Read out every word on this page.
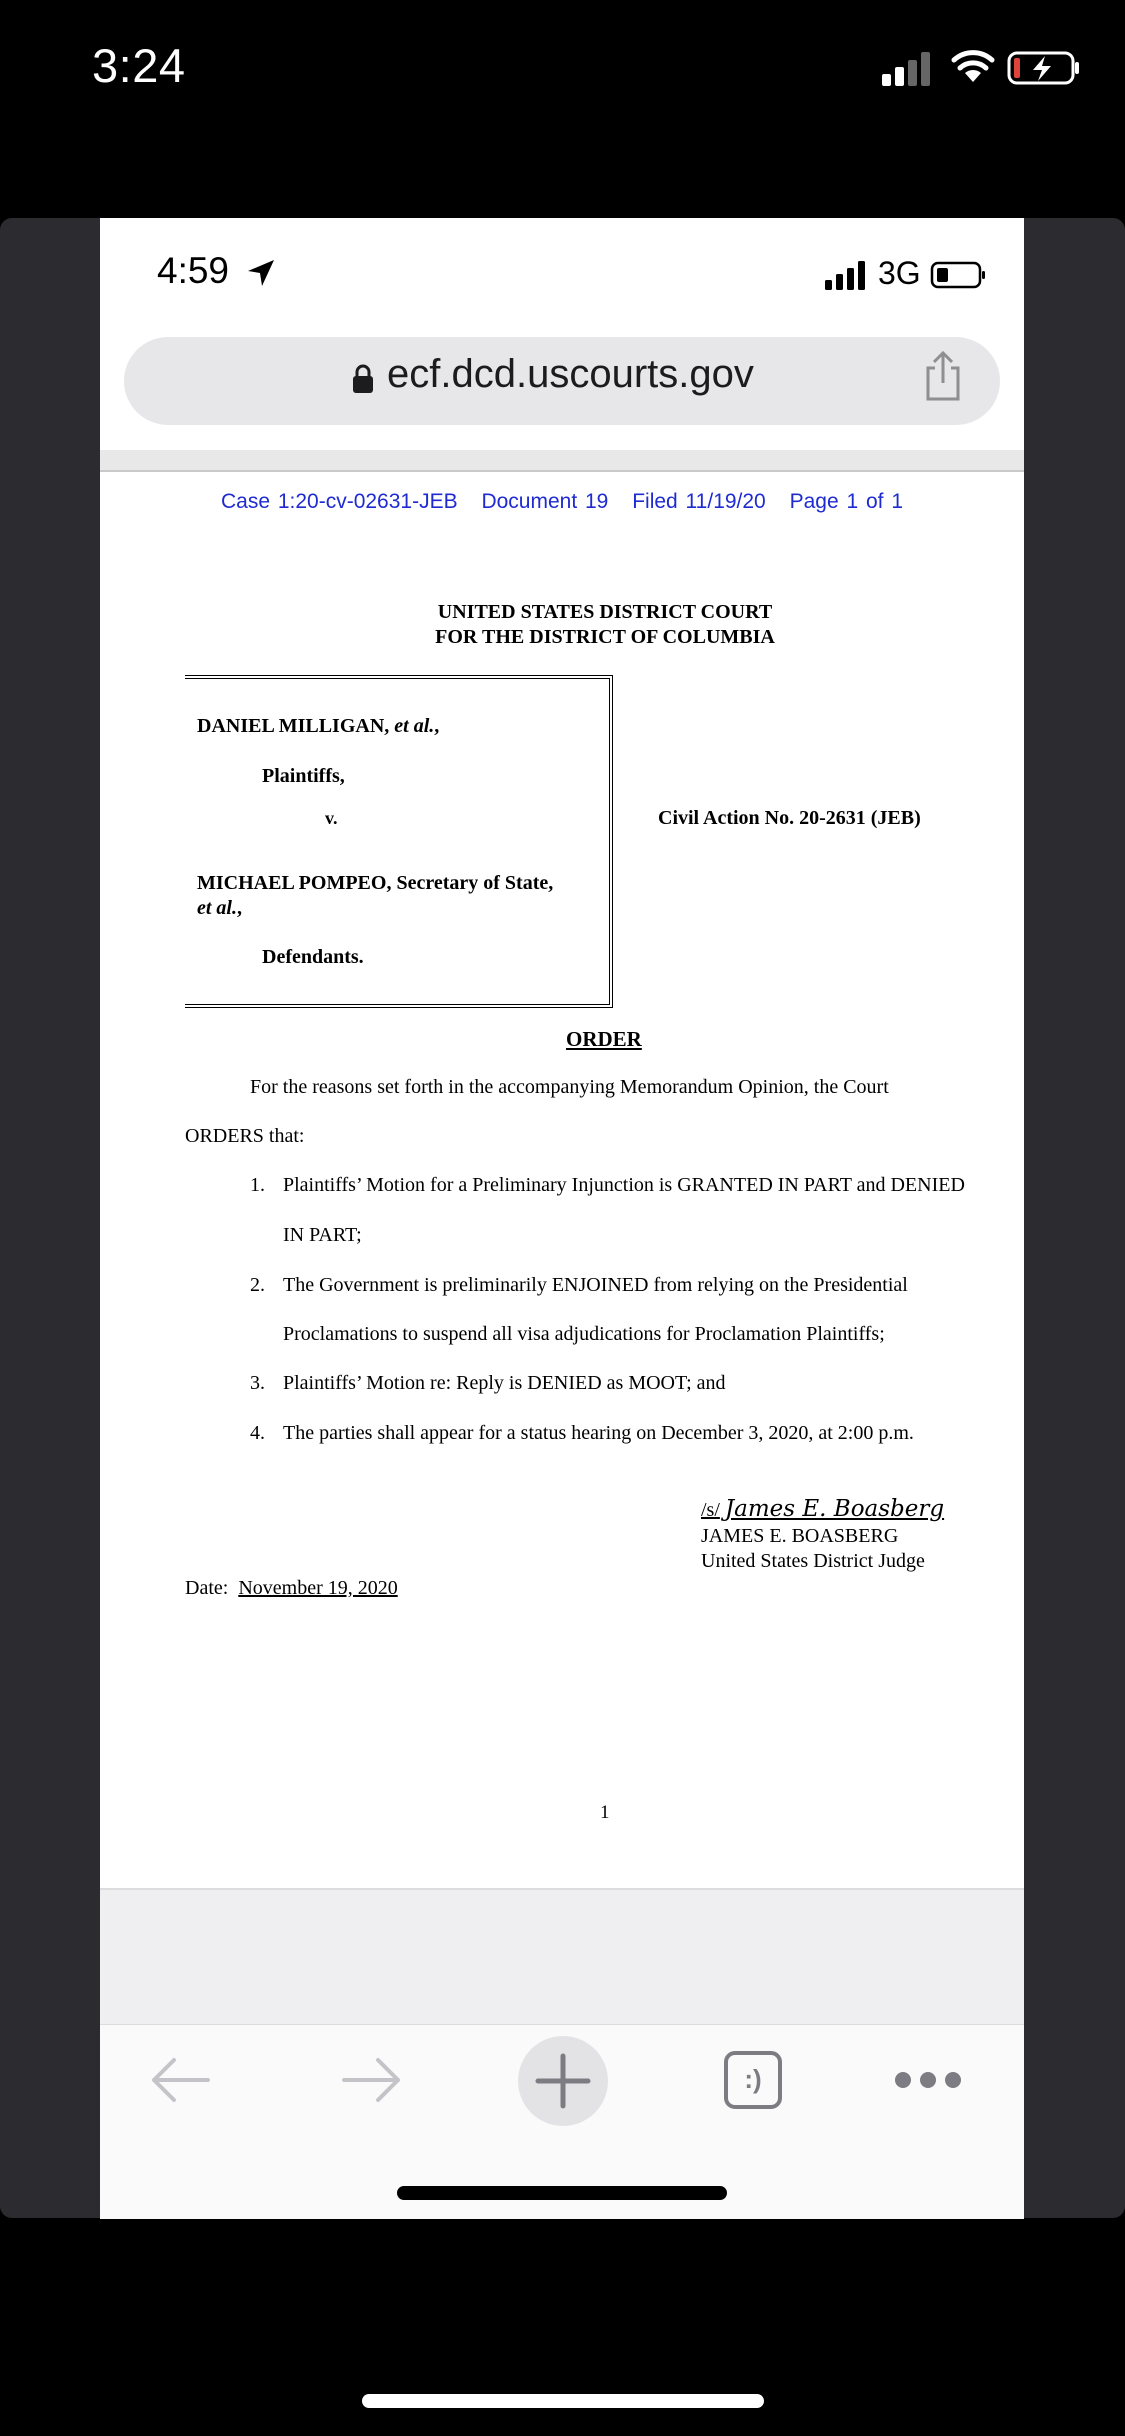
3:24
4:59	3G
ecf.dcd.uscourts.gov
Case 1:20-cv-02631-JEB Document 19 Filed 11/19/20 Page 1 of 1
UNITED STATES DISTRICT COURT
FOR THE DISTRICT OF COLUMBIA
DANIEL MILLIGAN, et al.,
Plaintiffs,
v.	Civil Action No. 20-2631 (JEB)
MICHAEL POMPEO, Secretary of State,
et al.,
Defendants.
ORDER
For the reasons set forth in the accompanying Memorandum Opinion, the Court
ORDERS that:
1. Plaintiffs’ Motion for a Preliminary Injunction is GRANTED IN PART and DENIED
IN PART;
2. The Government is preliminarily ENJOINED from relying on the Presidential
Proclamations to suspend all visa adjudications for Proclamation Plaintiffs;
3. Plaintiffs’ Motion re: Reply is DENIED as MOOT; and
4. The parties shall appear for a status hearing on December 3, 2020, at 2:00 p.m.
/s/ James E. Boasberg
JAMES E. BOASBERG
United States District Judge
Date: November 19, 2020
1
:)
